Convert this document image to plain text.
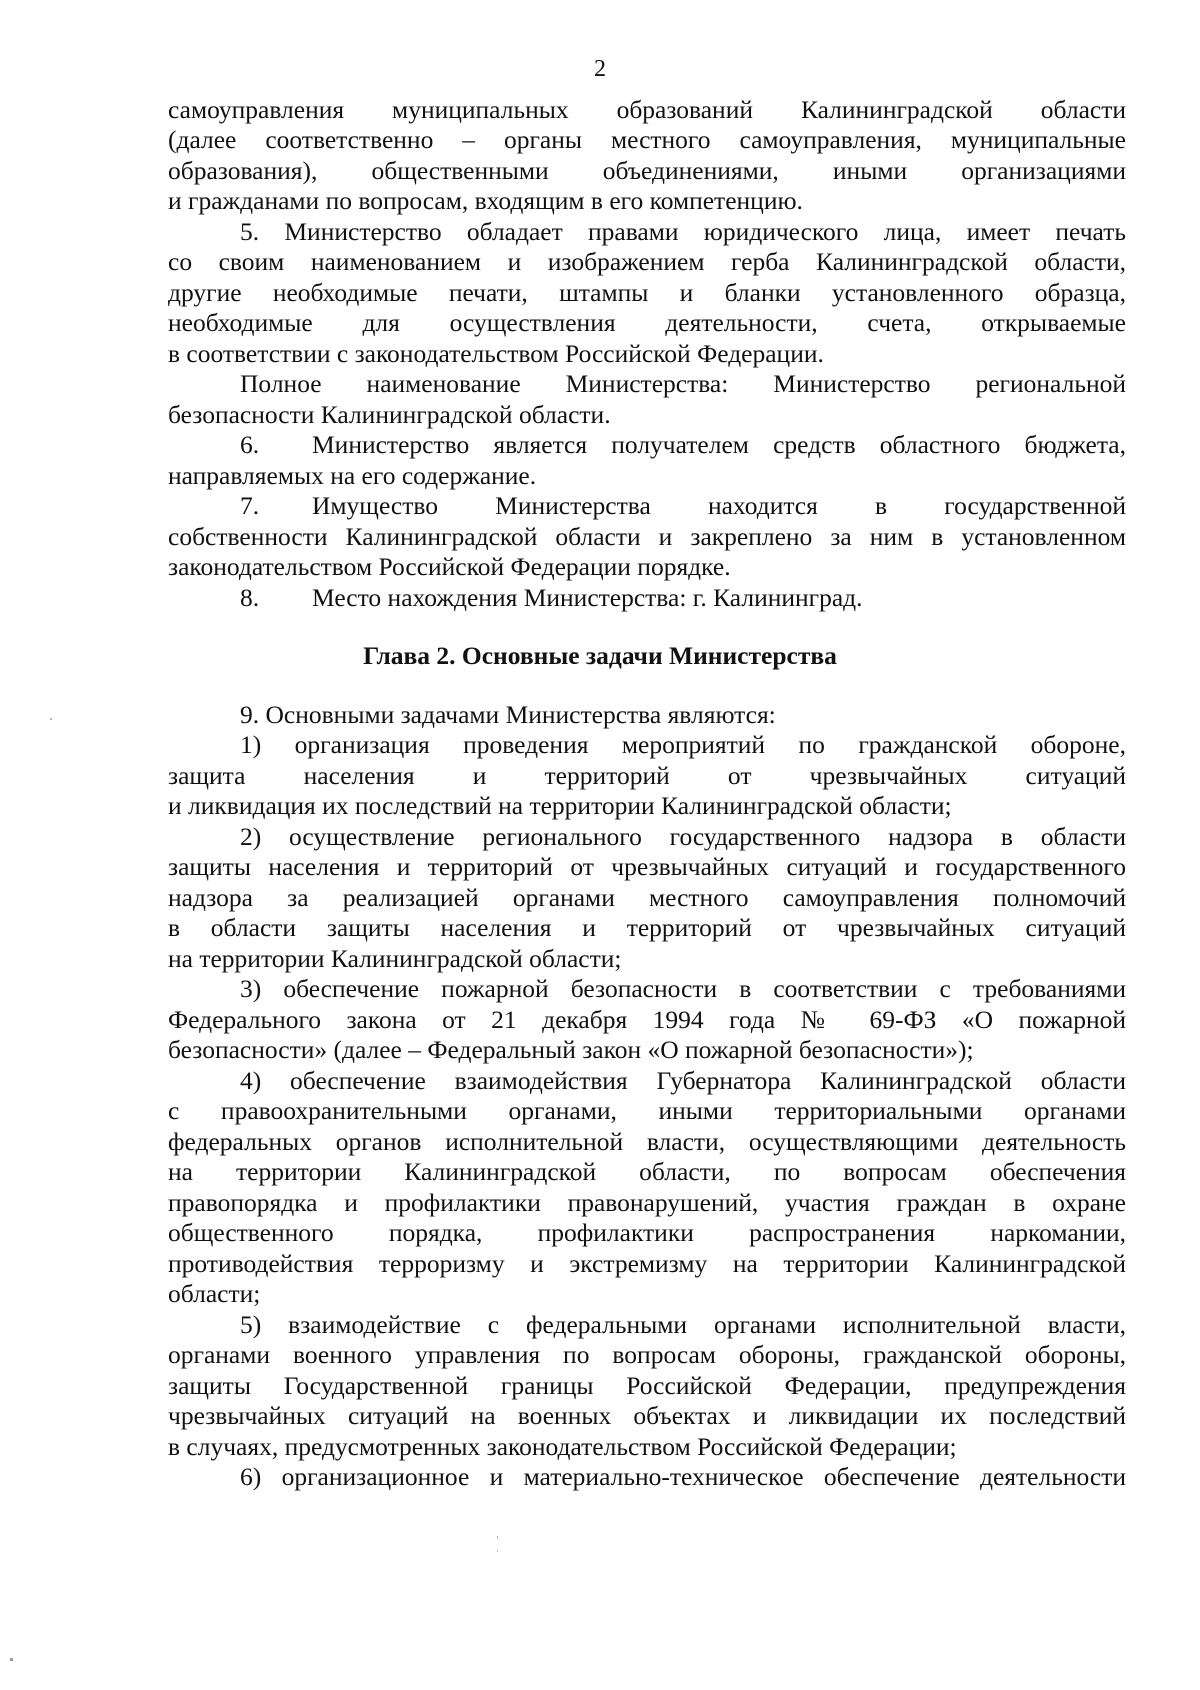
2
самоуправления муниципальных образований Калининградской области
(далее соответственно – органы местного самоуправления, муниципальные
образования), общественными объединениями, иными организациями
и гражданами по вопросам, входящим в его компетенцию.
5. Министерство обладает правами юридического лица, имеет печать
со своим наименованием и изображением герба Калининградской области,
другие необходимые печати, штампы и бланки установленного образца,
необходимые для осуществления деятельности, счета, открываемые
в соответствии с законодательством Российской Федерации.
Полное наименование Министерства: Министерство региональной
безопасности Калининградской области.
6.	Министерство является получателем средств областного бюджета,
направляемых на его содержание.
7.	Имущество Министерства находится в государственной
собственности Калининградской области и закреплено за ним в установленном
законодательством Российской Федерации порядке.
8.	Место нахождения Министерства: г. Калининград.
Глава 2. Основные задачи Министерства
9. Основными задачами Министерства являются:
1) организация проведения мероприятий по гражданской обороне,
защита населения и территорий от чрезвычайных ситуаций
и ликвидация их последствий на территории Калининградской области;
2) осуществление регионального государственного надзора в области
защиты населения и территорий от чрезвычайных ситуаций и государственного
надзора за реализацией органами местного самоуправления полномочий
в области защиты населения и территорий от чрезвычайных ситуаций
на территории Калининградской области;
3) обеспечение пожарной безопасности в соответствии с требованиями
Федерального закона от 21 декабря 1994 года № 69-ФЗ «О пожарной
безопасности» (далее – Федеральный закон «О пожарной безопасности»);
4) обеспечение взаимодействия Губернатора Калининградской области
с правоохранительными органами, иными территориальными органами
федеральных органов исполнительной власти, осуществляющими деятельность
на территории Калининградской области, по вопросам обеспечения
правопорядка и профилактики правонарушений, участия граждан в охране
общественного порядка, профилактики распространения наркомании,
противодействия терроризму и экстремизму на территории Калининградской
области;
5) взаимодействие с федеральными органами исполнительной власти,
органами военного управления по вопросам обороны, гражданской обороны,
защиты Государственной границы Российской Федерации, предупреждения
чрезвычайных ситуаций на военных объектах и ликвидации их последствий
в случаях, предусмотренных законодательством Российской Федерации;
6) организационное и материально-техническое обеспечение деятельности
